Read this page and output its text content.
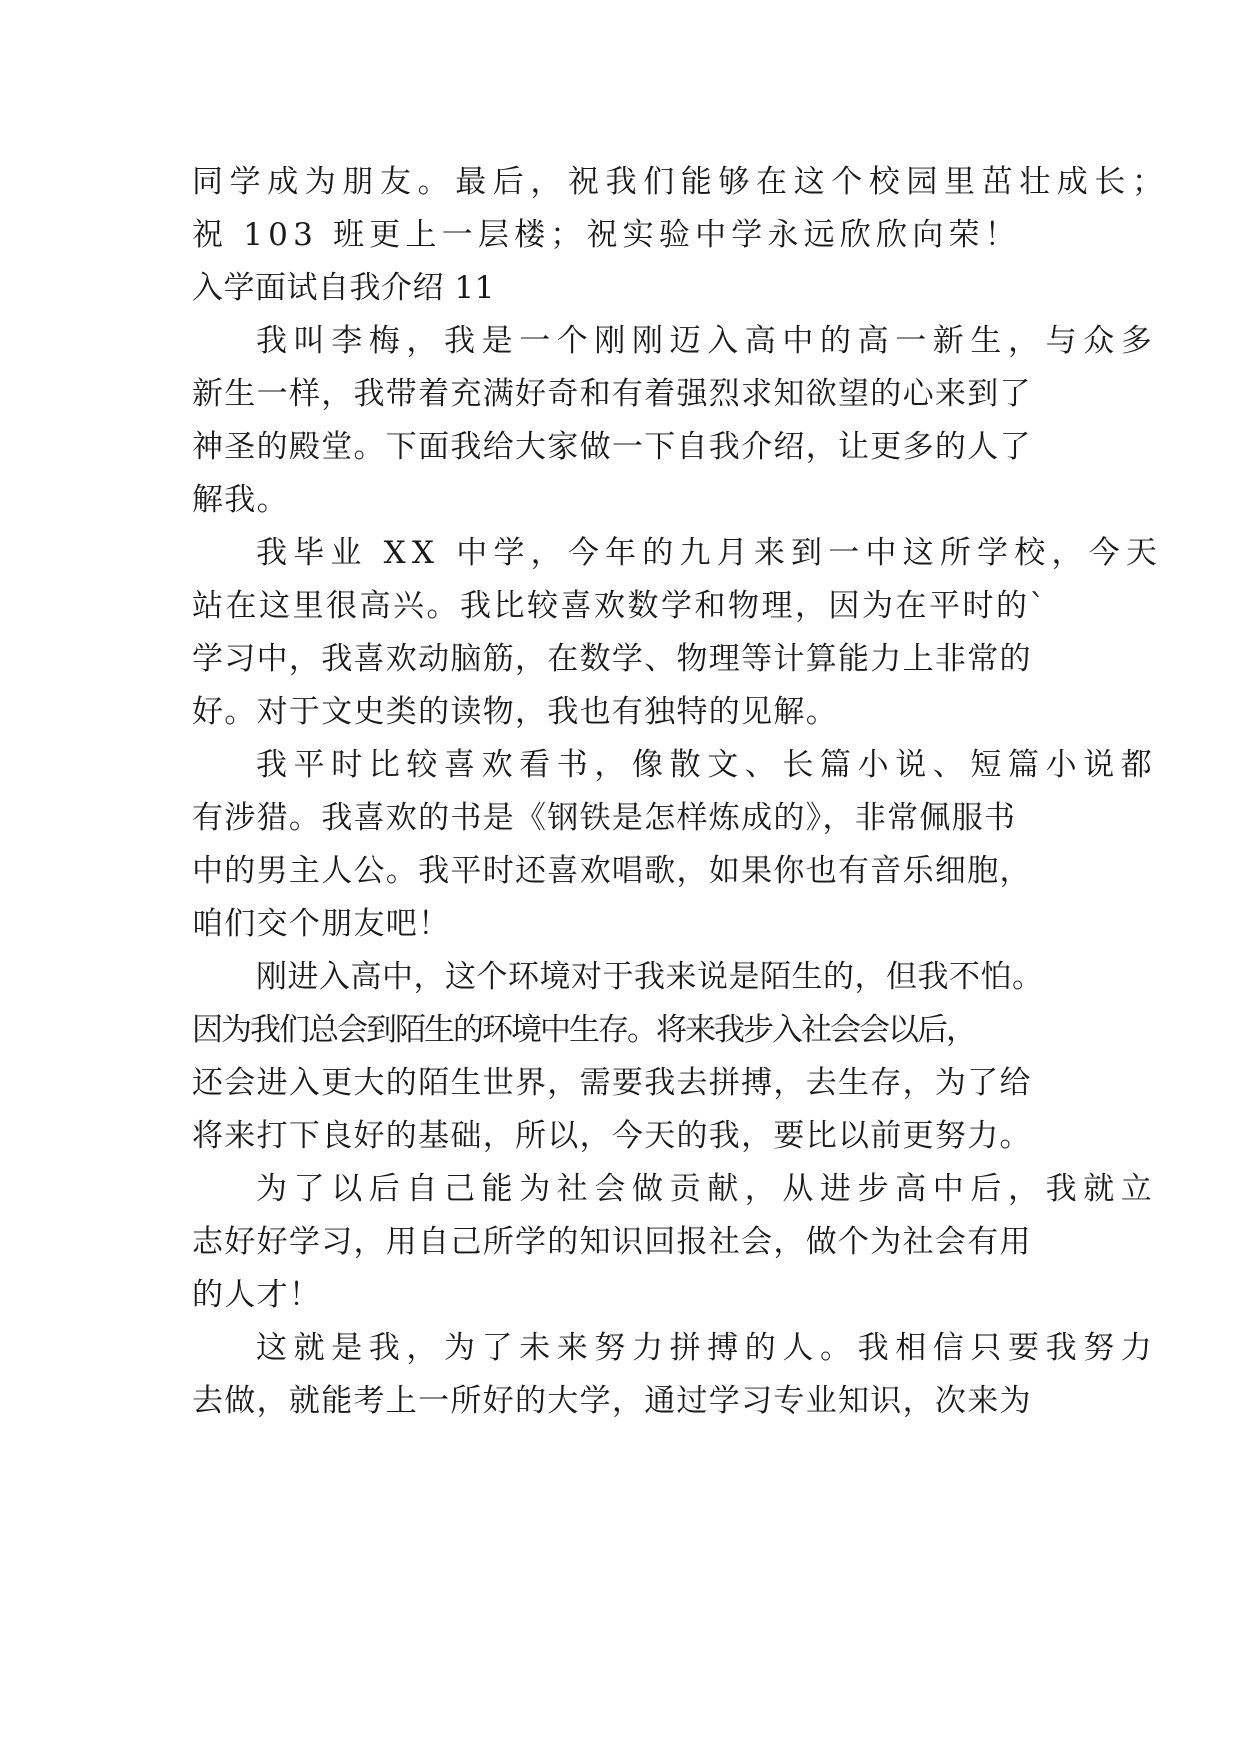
同学成为朋友。最后，祝我们能够在这个校园里茁壮成长；
祝 103 班更上一层楼；祝实验中学永远欣欣向荣！
入学面试自我介绍 11
我叫李梅，我是一个刚刚迈入高中的高一新生，与众多
新生一样，我带着充满好奇和有着强烈求知欲望的心来到了
神圣的殿堂。下面我给大家做一下自我介绍，让更多的人了
解我。
我毕业 XX 中学，今年的九月来到一中这所学校，今天
站在这里很高兴。我比较喜欢数学和物理，因为在平时的`
学习中，我喜欢动脑筋，在数学、物理等计算能力上非常的
好。对于文史类的读物，我也有独特的见解。
我平时比较喜欢看书，像散文、长篇小说、短篇小说都
有涉猎。我喜欢的书是《钢铁是怎样炼成的》，非常佩服书
中的男主人公。我平时还喜欢唱歌，如果你也有音乐细胞，
咱们交个朋友吧！
刚进入高中，这个环境对于我来说是陌生的，但我不怕。
因为我们总会到陌生的环境中生存。将来我步入社会会以后，
还会进入更大的陌生世界，需要我去拼搏，去生存，为了给
将来打下良好的基础，所以，今天的我，要比以前更努力。
为了以后自己能为社会做贡献，从进步高中后，我就立
志好好学习，用自己所学的知识回报社会，做个为社会有用
的人才！
这就是我，为了未来努力拼搏的人。我相信只要我努力
去做，就能考上一所好的大学，通过学习专业知识，次来为
